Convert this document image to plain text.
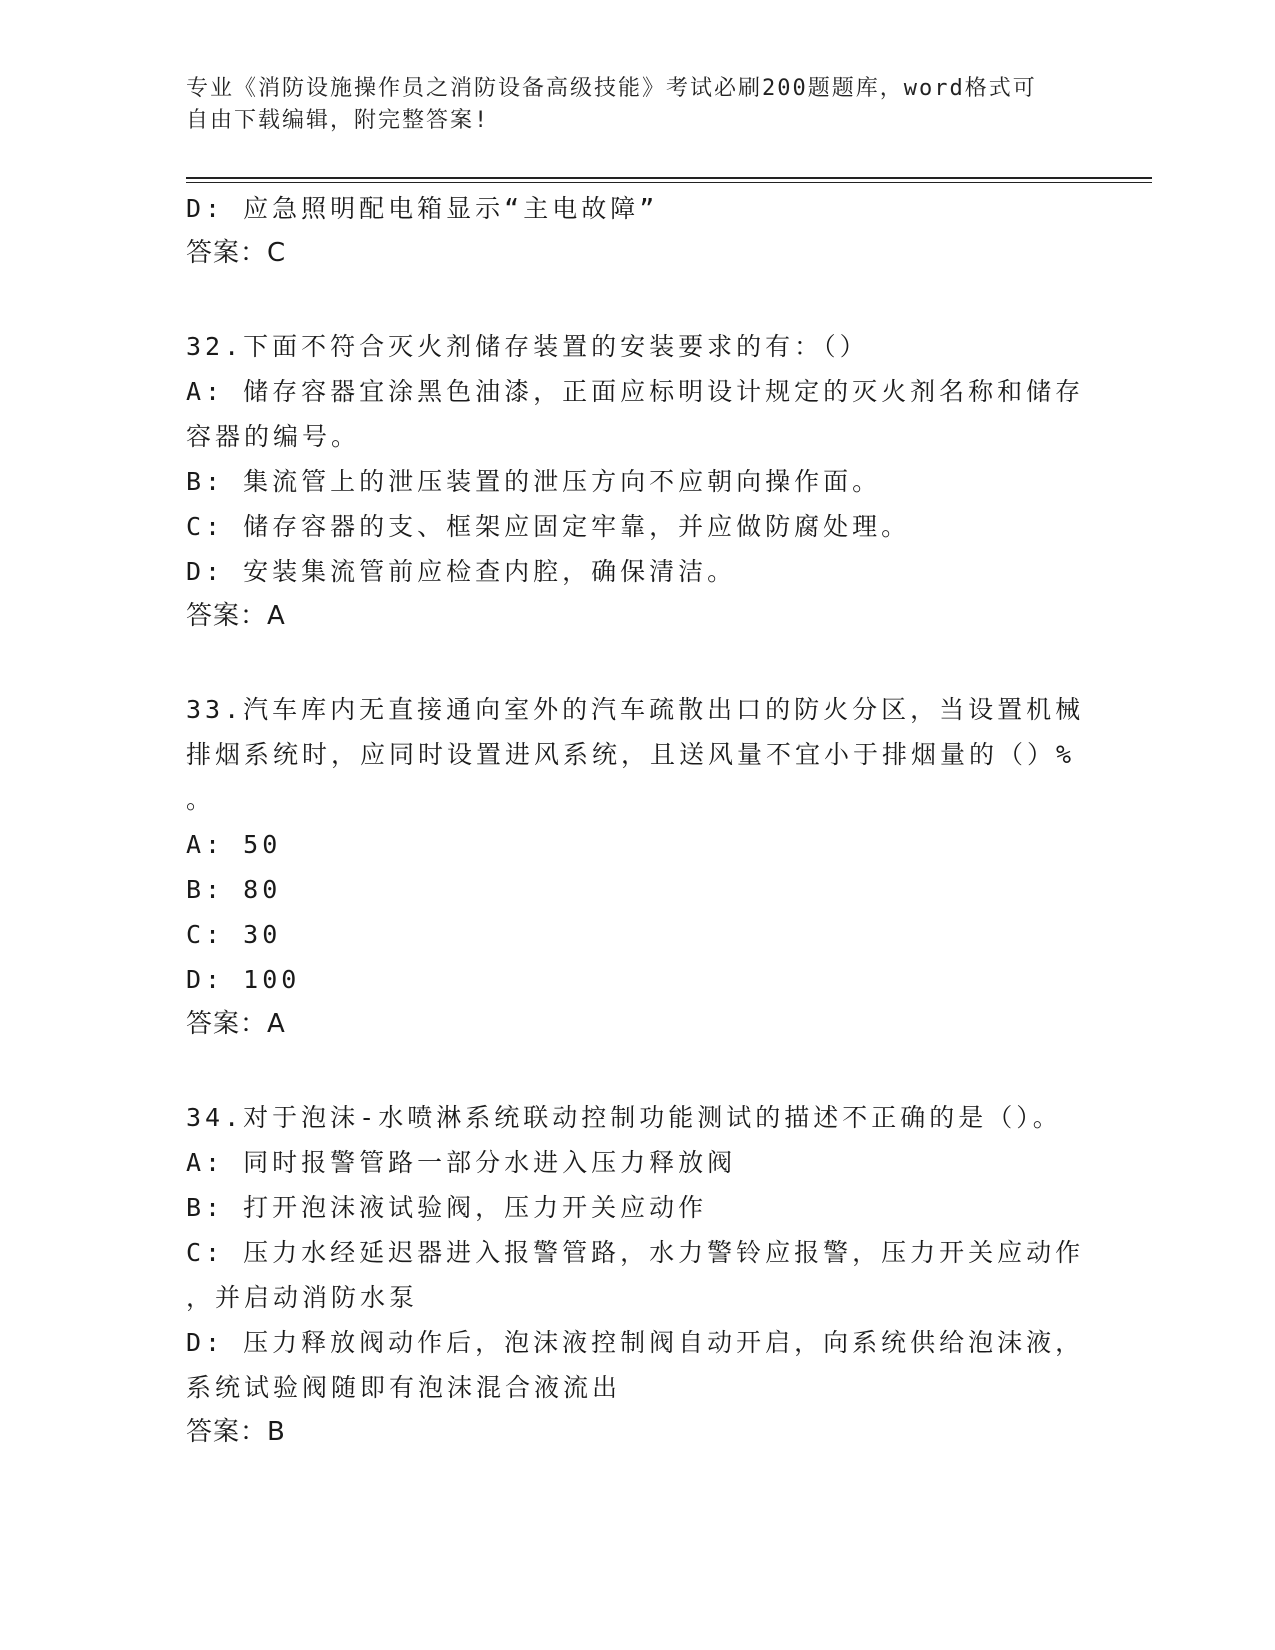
专业《消防设施操作员之消防设备高级技能》考试必刷200题题库，word格式可
自由下载编辑，附完整答案!
D: 应急照明配电箱显示“主电故障”
答案：C
32.下面不符合灭火剂储存装置的安装要求的有：（）
A: 储存容器宜涂黑色油漆，正面应标明设计规定的灭火剂名称和储存
容器的编号。
B: 集流管上的泄压装置的泄压方向不应朝向操作面。
C: 储存容器的支、框架应固定牢靠，并应做防腐处理。
D: 安装集流管前应检查内腔，确保清洁。
答案：A
33.汽车库内无直接通向室外的汽车疏散出口的防火分区，当设置机械
排烟系统时，应同时设置进风系统，且送风量不宜小于排烟量的（）%
。
A: 50
B: 80
C: 30
D: 100
答案：A
34.对于泡沫-水喷淋系统联动控制功能测试的描述不正确的是（）。
A: 同时报警管路一部分水进入压力释放阀
B: 打开泡沫液试验阀，压力开关应动作
C: 压力水经延迟器进入报警管路，水力警铃应报警，压力开关应动作
，并启动消防水泵
D: 压力释放阀动作后，泡沫液控制阀自动开启，向系统供给泡沫液，
系统试验阀随即有泡沫混合液流出
答案：B
